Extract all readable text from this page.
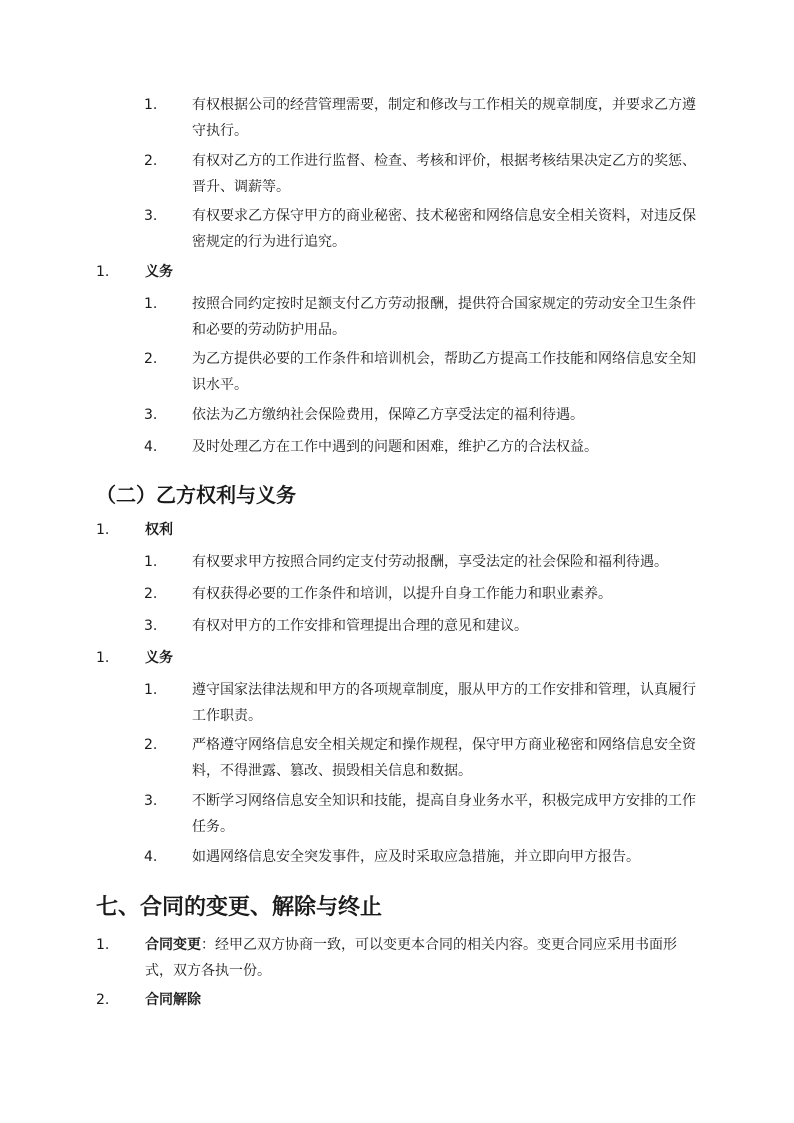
1. 有权根据公司的经营管理需要，制定和修改与工作相关的规章制度，并要求乙方遵守执行。
2. 有权对乙方的工作进行监督、检查、考核和评价，根据考核结果决定乙方的奖惩、晋升、调薪等。
3. 有权要求乙方保守甲方的商业秘密、技术秘密和网络信息安全相关资料，对违反保密规定的行为进行追究。
1.	义务
1. 按照合同约定按时足额支付乙方劳动报酬，提供符合国家规定的劳动安全卫生条件和必要的劳动防护用品。
2. 为乙方提供必要的工作条件和培训机会，帮助乙方提高工作技能和网络信息安全知识水平。
3. 依法为乙方缴纳社会保险费用，保障乙方享受法定的福利待遇。
4. 及时处理乙方在工作中遇到的问题和困难，维护乙方的合法权益。
（二）乙方权利与义务
1.	权利
1. 有权要求甲方按照合同约定支付劳动报酬，享受法定的社会保险和福利待遇。
2. 有权获得必要的工作条件和培训，以提升自身工作能力和职业素养。
3. 有权对甲方的工作安排和管理提出合理的意见和建议。
1.	义务
1. 遵守国家法律法规和甲方的各项规章制度，服从甲方的工作安排和管理，认真履行工作职责。
2. 严格遵守网络信息安全相关规定和操作规程，保守甲方商业秘密和网络信息安全资料，不得泄露、篡改、损毁相关信息和数据。
3. 不断学习网络信息安全知识和技能，提高自身业务水平，积极完成甲方安排的工作任务。
4. 如遇网络信息安全突发事件，应及时采取应急措施，并立即向甲方报告。
七、合同的变更、解除与终止
1.	合同变更：经甲乙双方协商一致，可以变更本合同的相关内容。变更合同应采用书面形式，双方各执一份。
2.	合同解除
